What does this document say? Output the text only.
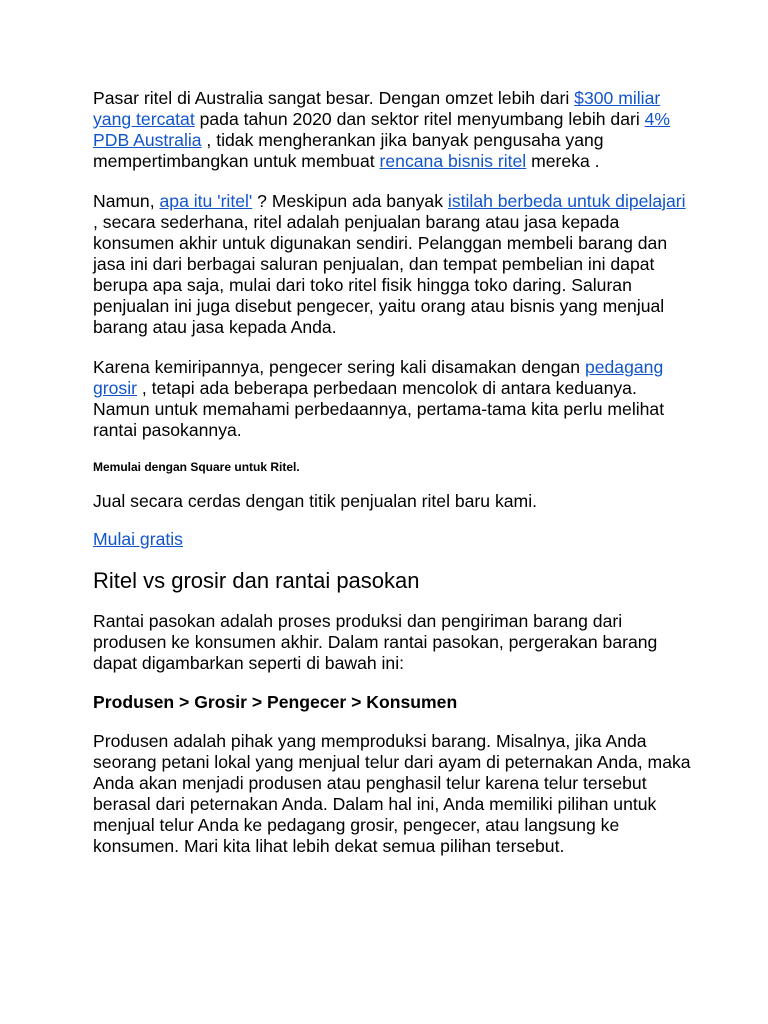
Pasar ritel di Australia sangat besar. Dengan omzet lebih dari $300 miliar yang tercatat pada tahun 2020 dan sektor ritel menyumbang lebih dari 4% PDB Australia , tidak mengherankan jika banyak pengusaha yang mempertimbangkan untuk membuat rencana bisnis ritel mereka .

Namun, apa itu 'ritel' ? Meskipun ada banyak istilah berbeda untuk dipelajari , secara sederhana, ritel adalah penjualan barang atau jasa kepada konsumen akhir untuk digunakan sendiri. Pelanggan membeli barang dan jasa ini dari berbagai saluran penjualan, dan tempat pembelian ini dapat berupa apa saja, mulai dari toko ritel fisik hingga toko daring. Saluran penjualan ini juga disebut pengecer, yaitu orang atau bisnis yang menjual barang atau jasa kepada Anda.

Karena kemiripannya, pengecer sering kali disamakan dengan pedagang grosir , tetapi ada beberapa perbedaan mencolok di antara keduanya. Namun untuk memahami perbedaannya, pertama-tama kita perlu melihat rantai pasokannya.

Memulai dengan Square untuk Ritel.

Jual secara cerdas dengan titik penjualan ritel baru kami.

Mulai gratis

Ritel vs grosir dan rantai pasokan

Rantai pasokan adalah proses produksi dan pengiriman barang dari produsen ke konsumen akhir. Dalam rantai pasokan, pergerakan barang dapat digambarkan seperti di bawah ini:

Produsen > Grosir > Pengecer > Konsumen

Produsen adalah pihak yang memproduksi barang. Misalnya, jika Anda seorang petani lokal yang menjual telur dari ayam di peternakan Anda, maka Anda akan menjadi produsen atau penghasil telur karena telur tersebut berasal dari peternakan Anda. Dalam hal ini, Anda memiliki pilihan untuk menjual telur Anda ke pedagang grosir, pengecer, atau langsung ke konsumen. Mari kita lihat lebih dekat semua pilihan tersebut.
